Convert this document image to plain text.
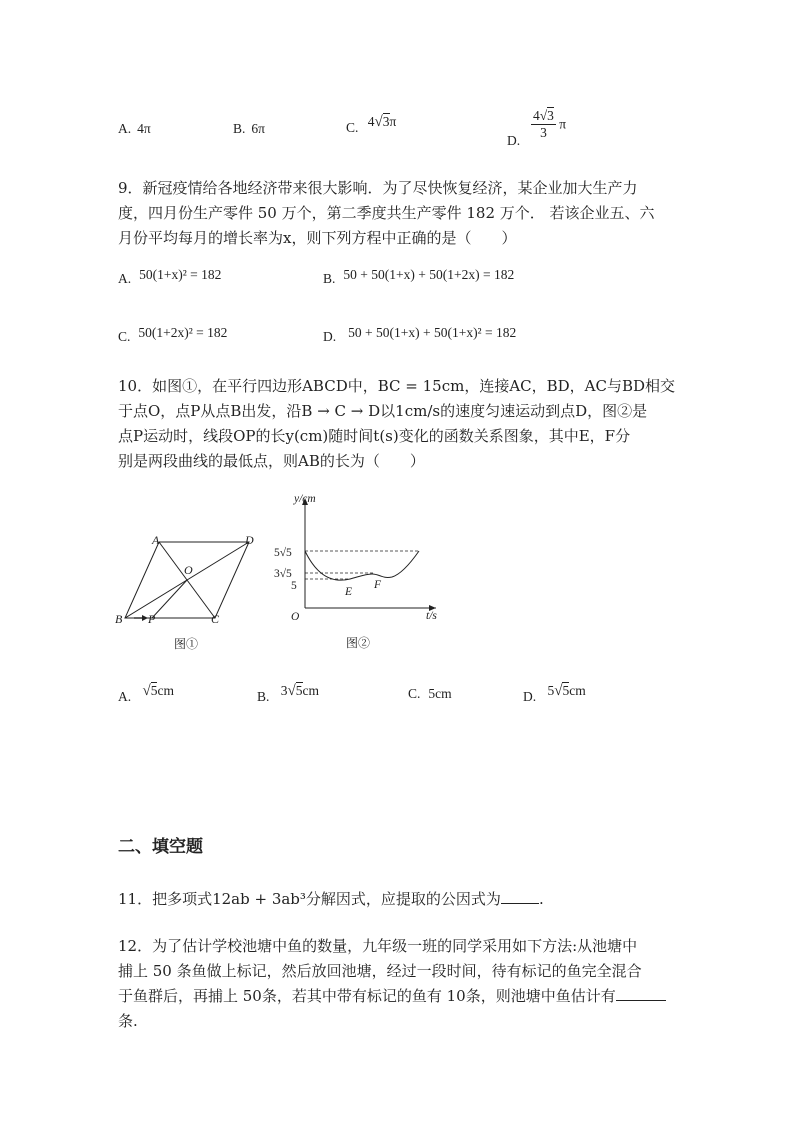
A. 4π	B. 6π	C. 4√3π
D. $\frac{4√3}{3}$ π
9．新冠疫情给各地经济带来很大影响．为了尽快恢复经济，某企业加大生产力
度，四月份生产零件 50 万个，第二季度共生产零件 182 万个． 若该企业五、六
月份平均每月的增长率为x，则下列方程中正确的是（　　）
A. 50(1+x)² = 182	B. 50 + 50(1+x) + 50(1+2x) = 182
C. 50(1+2x)² = 182	D. 50 + 50(1+x) + 50(1+x)² = 182
10．如图①，在平行四边形ABCD中，BC = 15cm，连接AC，BD，AC与BD相交
于点O，点P从点B出发，沿B → C → D以1cm/s的速度匀速运动到点D，图②是
点P运动时，线段OP的长y(cm)随时间t(s)变化的函数关系图象，其中E，F分
别是两段曲线的最低点，则AB的长为（　　）
A	D
O
B P	C
图①
y/cm
t/s
O
5√5
3√5
5	E
F
图②
A. √5cm	B. 3√5cm	C. 5cm	D. 5√5cm
二、填空题
11．把多项式12ab + 3ab³分解因式，应提取的公因式为	.
12．为了估计学校池塘中鱼的数量，九年级一班的同学采用如下方法:从池塘中
捕上 50 条鱼做上标记，然后放回池塘，经过一段时间，待有标记的鱼完全混合
于鱼群后，再捕上 50条，若其中带有标记的鱼有 10条，则池塘中鱼估计有
条.
